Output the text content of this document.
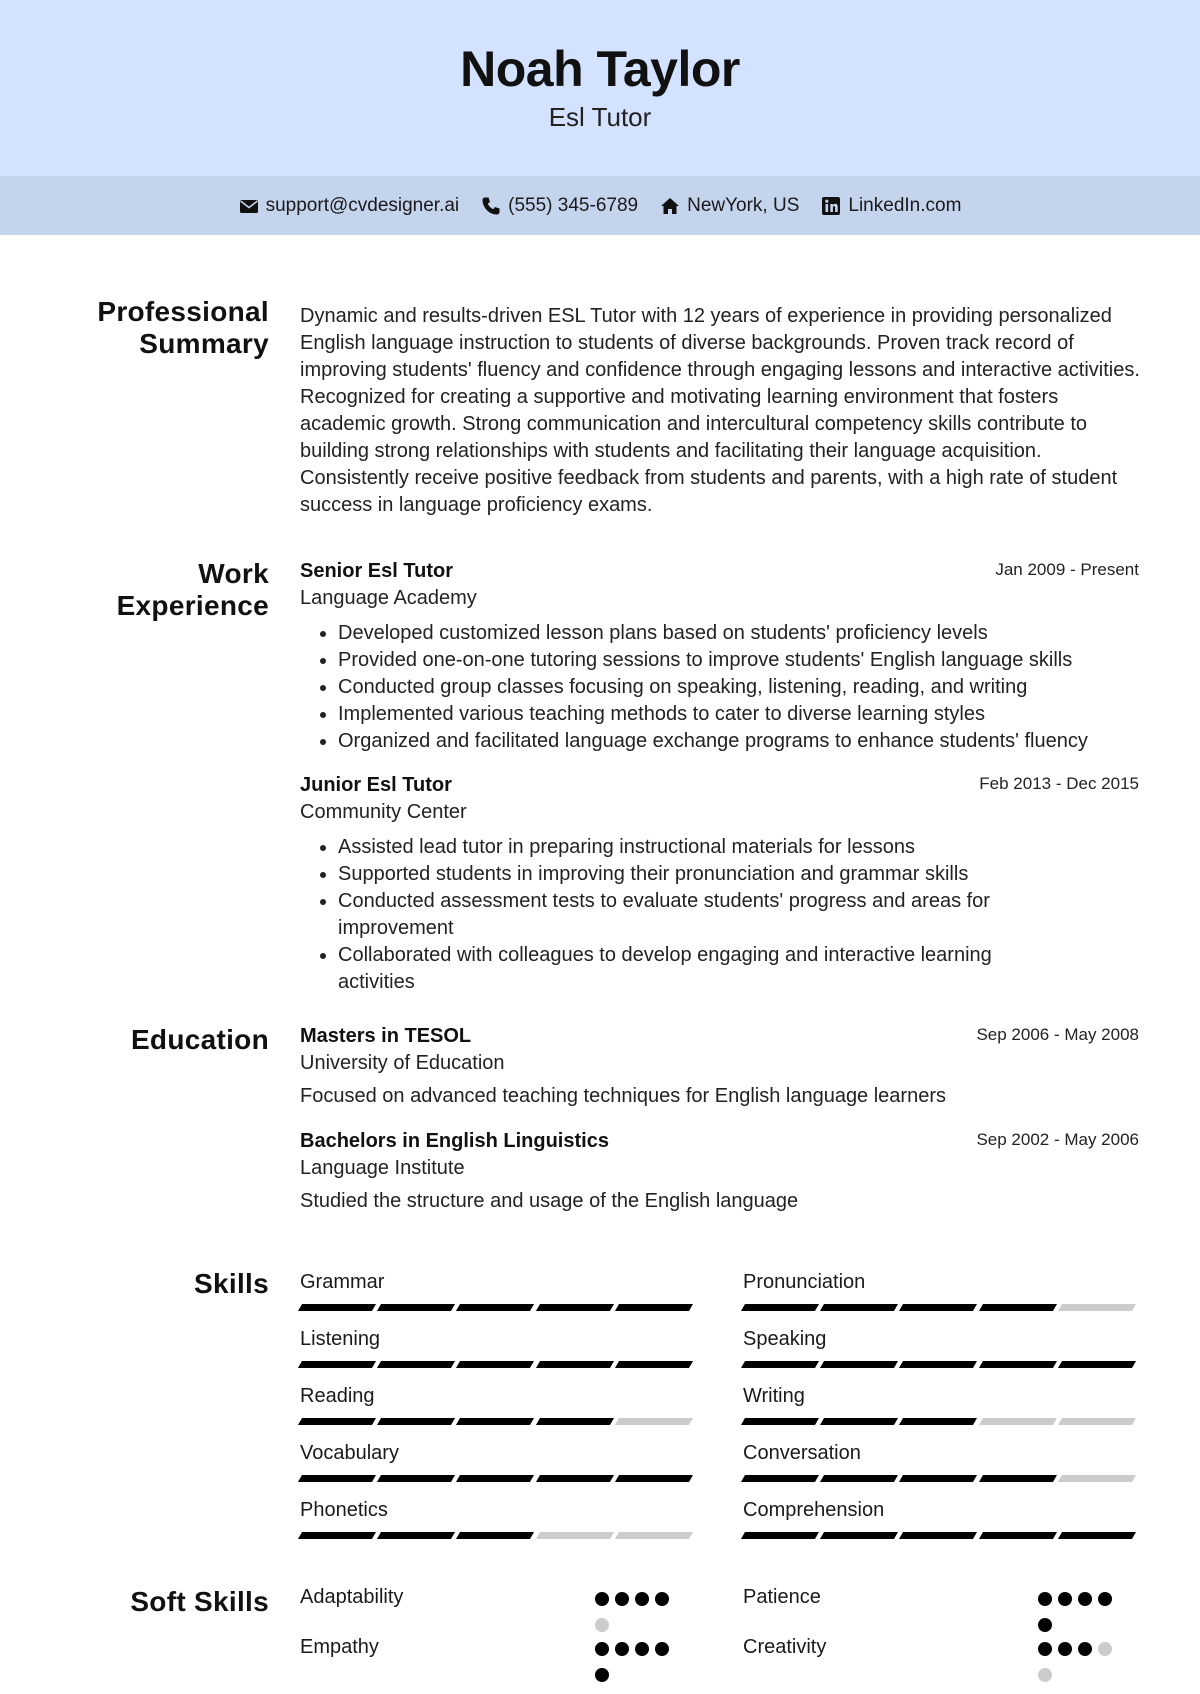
Noah Taylor
Esl Tutor
support@cvdesigner.ai	(555) 345-6789	NewYork, US	LinkedIn.com
Professional
Summary

Dynamic and results-driven ESL Tutor with 12 years of experience in providing personalized English language instruction to students of diverse backgrounds. Proven track record of improving students' fluency and confidence through engaging lessons and interactive activities. Recognized for creating a supportive and motivating learning environment that fosters academic growth. Strong communication and intercultural competency skills contribute to building strong relationships with students and facilitating their language acquisition. Consistently receive positive feedback from students and parents, with a high rate of student success in language proficiency exams.

Work
Experience
Senior Esl Tutor	Jan 2009 - Present
Language Academy
• Developed customized lesson plans based on students' proficiency levels
• Provided one-on-one tutoring sessions to improve students' English language skills
• Conducted group classes focusing on speaking, listening, reading, and writing
• Implemented various teaching methods to cater to diverse learning styles
• Organized and facilitated language exchange programs to enhance students' fluency
Junior Esl Tutor	Feb 2013 - Dec 2015
Community Center
• Assisted lead tutor in preparing instructional materials for lessons
• Supported students in improving their pronunciation and grammar skills
• Conducted assessment tests to evaluate students' progress and areas for improvement
• Collaborated with colleagues to develop engaging and interactive learning activities
Education Masters in TESOL	Sep 2006 - May 2008
University of Education
Focused on advanced teaching techniques for English language learners
Bachelors in English Linguistics	Sep 2002 - May 2006
Language Institute
Studied the structure and usage of the English language
Skills Grammar	Pronunciation
Listening	Speaking
Reading	Writing
Vocabulary	Conversation
Phonetics	Comprehension
Soft Skills Adaptability	Patience
Empathy	Creativity
